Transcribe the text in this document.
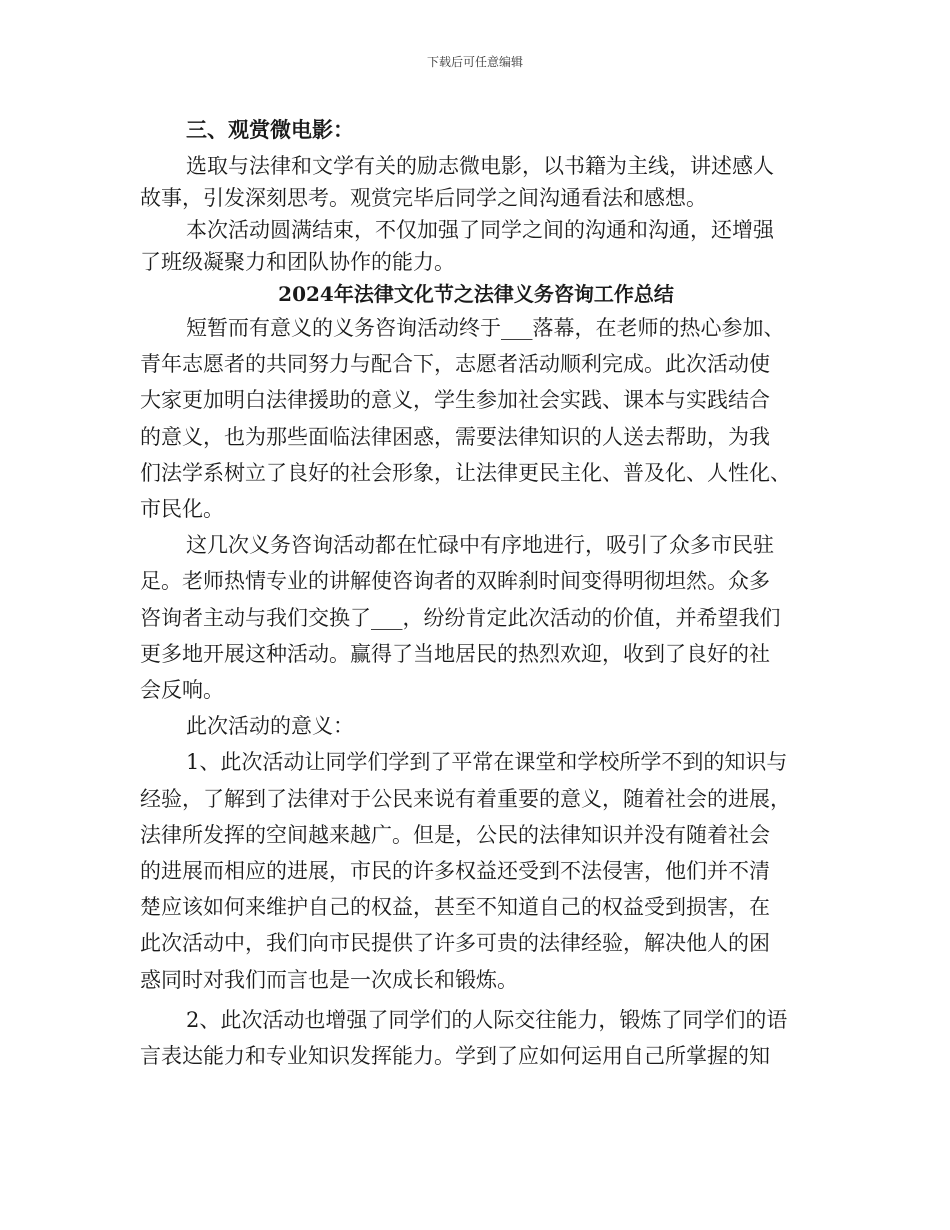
下载后可任意编辑

三、观赏微电影：

选取与法律和文学有关的励志微电影，以书籍为主线，讲述感人

故事，引发深刻思考。观赏完毕后同学之间沟通看法和感想。

本次活动圆满结束，不仅加强了同学之间的沟通和沟通，还增强

了班级凝聚力和团队协作的能力。

2024年法律文化节之法律义务咨询工作总结

短暂而有意义的义务咨询活动终于___落幕，在老师的热心参加、

青年志愿者的共同努力与配合下，志愿者活动顺利完成。此次活动使

大家更加明白法律援助的意义，学生参加社会实践、课本与实践结合

的意义，也为那些面临法律困惑，需要法律知识的人送去帮助，为我

们法学系树立了良好的社会形象，让法律更民主化、普及化、人性化、

市民化。

这几次义务咨询活动都在忙碌中有序地进行，吸引了众多市民驻

足。老师热情专业的讲解使咨询者的双眸刹时间变得明彻坦然。众多

咨询者主动与我们交换了___，纷纷肯定此次活动的价值，并希望我们

更多地开展这种活动。赢得了当地居民的热烈欢迎，收到了良好的社

会反响。

此次活动的意义：

1、此次活动让同学们学到了平常在课堂和学校所学不到的知识与

经验，了解到了法律对于公民来说有着重要的意义，随着社会的进展，

法律所发挥的空间越来越广。但是，公民的法律知识并没有随着社会

的进展而相应的进展，市民的许多权益还受到不法侵害，他们并不清

楚应该如何来维护自己的权益，甚至不知道自己的权益受到损害，在

此次活动中，我们向市民提供了许多可贵的法律经验，解决他人的困

惑同时对我们而言也是一次成长和锻炼。

2、此次活动也增强了同学们的人际交往能力，锻炼了同学们的语

言表达能力和专业知识发挥能力。学到了应如何运用自己所掌握的知
